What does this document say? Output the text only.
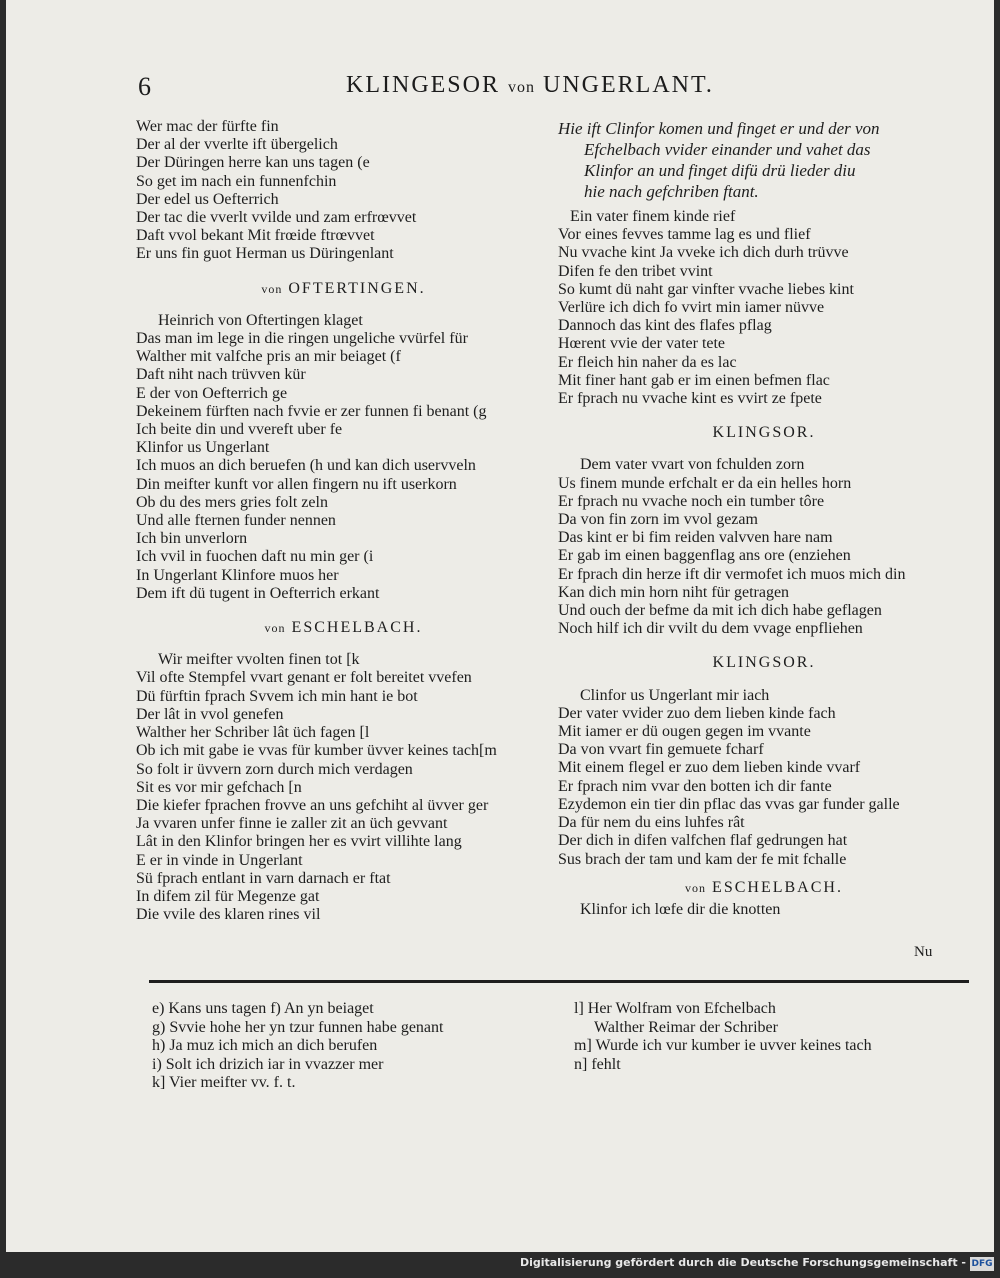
6	KLINGESOR von UNGERLANT.
Wer mac der fürfte fin
Der al der vverlte ift übergelich
Der Düringen herre kan uns tagen (e
So get im nach ein funnenfchin
Der edel us Oefterrich
Der tac die vverlt vvilde und zam erfrœvvet
Daft vvol bekant Mit frœide ftrœvvet
Er uns fin guot Herman us Düringenlant
von OFTERTINGEN.
Heinrich von Oftertingen klaget
Das man im lege in die ringen ungeliche vvürfel für
Walther mit valfche pris an mir beiaget (f
Daft niht nach trüvven kür
E der von Oefterrich ge
Dekeinem fürften nach fvvie er zer funnen fi benant (g
Ich beite din und vvereft uber fe
Klinfor us Ungerlant
Ich muos an dich beruefen (h und kan dich uservveln
Din meifter kunft vor allen fingern nu ift userkorn
Ob du des mers gries folt zeln
Und alle fternen funder nennen
Ich bin unverlorn
Ich vvil in fuochen daft nu min ger (i
In Ungerlant Klinfore muos her
Dem ift dü tugent in Oefterrich erkant
von ESCHELBACH.
Wir meifter vvolten finen tot [k
Vil ofte Stempfel vvart genant er folt bereitet vvefen
Dü fürftin fprach Svvem ich min hant ie bot
Der lât in vvol genefen
Walther her Schriber lât üch fagen [l
Ob ich mit gabe ie vvas für kumber üvver keines tach[m
So folt ir üvvern zorn durch mich verdagen
Sit es vor mir gefchach [n
Die kiefer fprachen frovve an uns gefchiht al üvver ger
Ja vvaren unfer finne ie zaller zit an üch gevvant
Lât in den Klinfor bringen her es vvirt villihte lang
E er in vinde in Ungerlant
Sü fprach entlant in varn darnach er ftat
In difem zil für Megenze gat
Die vvile des klaren rines vil
Hie ift Clinfor komen und finget er und der von
Efchelbach vvider einander und vahet das
Klinfor an und finget difü drü lieder diu
hie nach gefchriben ftant.
Ein vater finem kinde rief
Vor eines fevves tamme lag es und flief
Nu vvache kint Ja vveke ich dich durh trüvve
Difen fe den tribet vvint
So kumt dü naht gar vinfter vvache liebes kint
Verlüre ich dich fo vvirt min iamer nüvve
Dannoch das kint des flafes pflag
Hœrent vvie der vater tete
Er fleich hin naher da es lac
Mit finer hant gab er im einen befmen flac
Er fprach nu vvache kint es vvirt ze fpete
KLINGSOR.
Dem vater vvart von fchulden zorn
Us finem munde erfchalt er da ein helles horn
Er fprach nu vvache noch ein tumber tôre
Da von fin zorn im vvol gezam
Das kint er bi fim reiden valvven hare nam
Er gab im einen baggenflag ans ore (enziehen
Er fprach din herze ift dir vermofet ich muos mich din
Kan dich min horn niht für getragen
Und ouch der befme da mit ich dich habe geflagen
Noch hilf ich dir vvilt du dem vvage enpfliehen
KLINGSOR.
Clinfor us Ungerlant mir iach
Der vater vvider zuo dem lieben kinde fach
Mit iamer er dü ougen gegen im vvante
Da von vvart fin gemuete fcharf
Mit einem flegel er zuo dem lieben kinde vvarf
Er fprach nim vvar den botten ich dir fante
Ezydemon ein tier din pflac das vvas gar funder galle
Da für nem du eins luhfes rât
Der dich in difen valfchen flaf gedrungen hat
Sus brach der tam und kam der fe mit fchalle
von ESCHELBACH.
Klinfor ich lœfe dir die knotten
Nu
e) Kans uns tagen f) An yn beiaget
g) Svvie hohe her yn tzur funnen habe genant
h) Ja muz ich mich an dich berufen
i) Solt ich drizich iar in vvazzer mer
k] Vier meifter vv. f. t.
l] Her Wolfram von Efchelbach
Walther Reimar der Schriber
m] Wurde ich vur kumber ie uvver keines tach
n] fehlt
Digitalisierung gefördert durch die Deutsche Forschungsgemeinschaft - DFG
